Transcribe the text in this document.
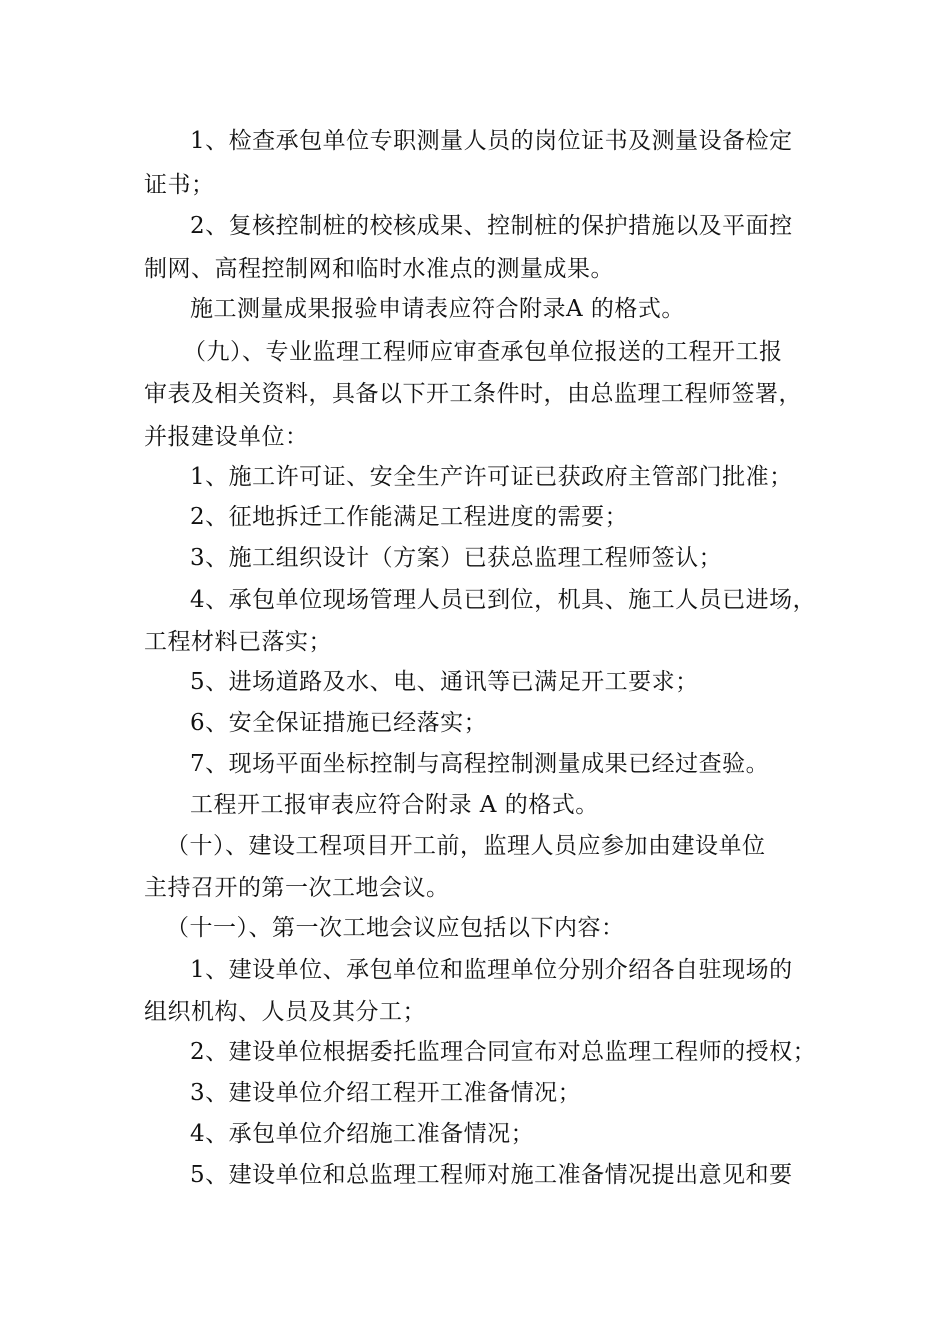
1、检查承包单位专职测量人员的岗位证书及测量设备检定
证书；
2、复核控制桩的校核成果、控制桩的保护措施以及平面控
制网、高程控制网和临时水准点的测量成果。
施工测量成果报验申请表应符合附录A 的格式。
（九）、专业监理工程师应审查承包单位报送的工程开工报
审表及相关资料，具备以下开工条件时，由总监理工程师签署，
并报建设单位：
1、施工许可证、安全生产许可证已获政府主管部门批准；
2、征地拆迁工作能满足工程进度的需要；
3、施工组织设计（方案）已获总监理工程师签认；
4、承包单位现场管理人员已到位，机具、施工人员已进场，
工程材料已落实；
5、进场道路及水、电、通讯等已满足开工要求；
6、安全保证措施已经落实；
7、现场平面坐标控制与高程控制测量成果已经过查验。
工程开工报审表应符合附录 A 的格式。
（十）、建设工程项目开工前，监理人员应参加由建设单位
主持召开的第一次工地会议。
（十一）、第一次工地会议应包括以下内容：
1、建设单位、承包单位和监理单位分别介绍各自驻现场的
组织机构、人员及其分工；
2、建设单位根据委托监理合同宣布对总监理工程师的授权；
3、建设单位介绍工程开工准备情况；
4、承包单位介绍施工准备情况；
5、建设单位和总监理工程师对施工准备情况提出意见和要
